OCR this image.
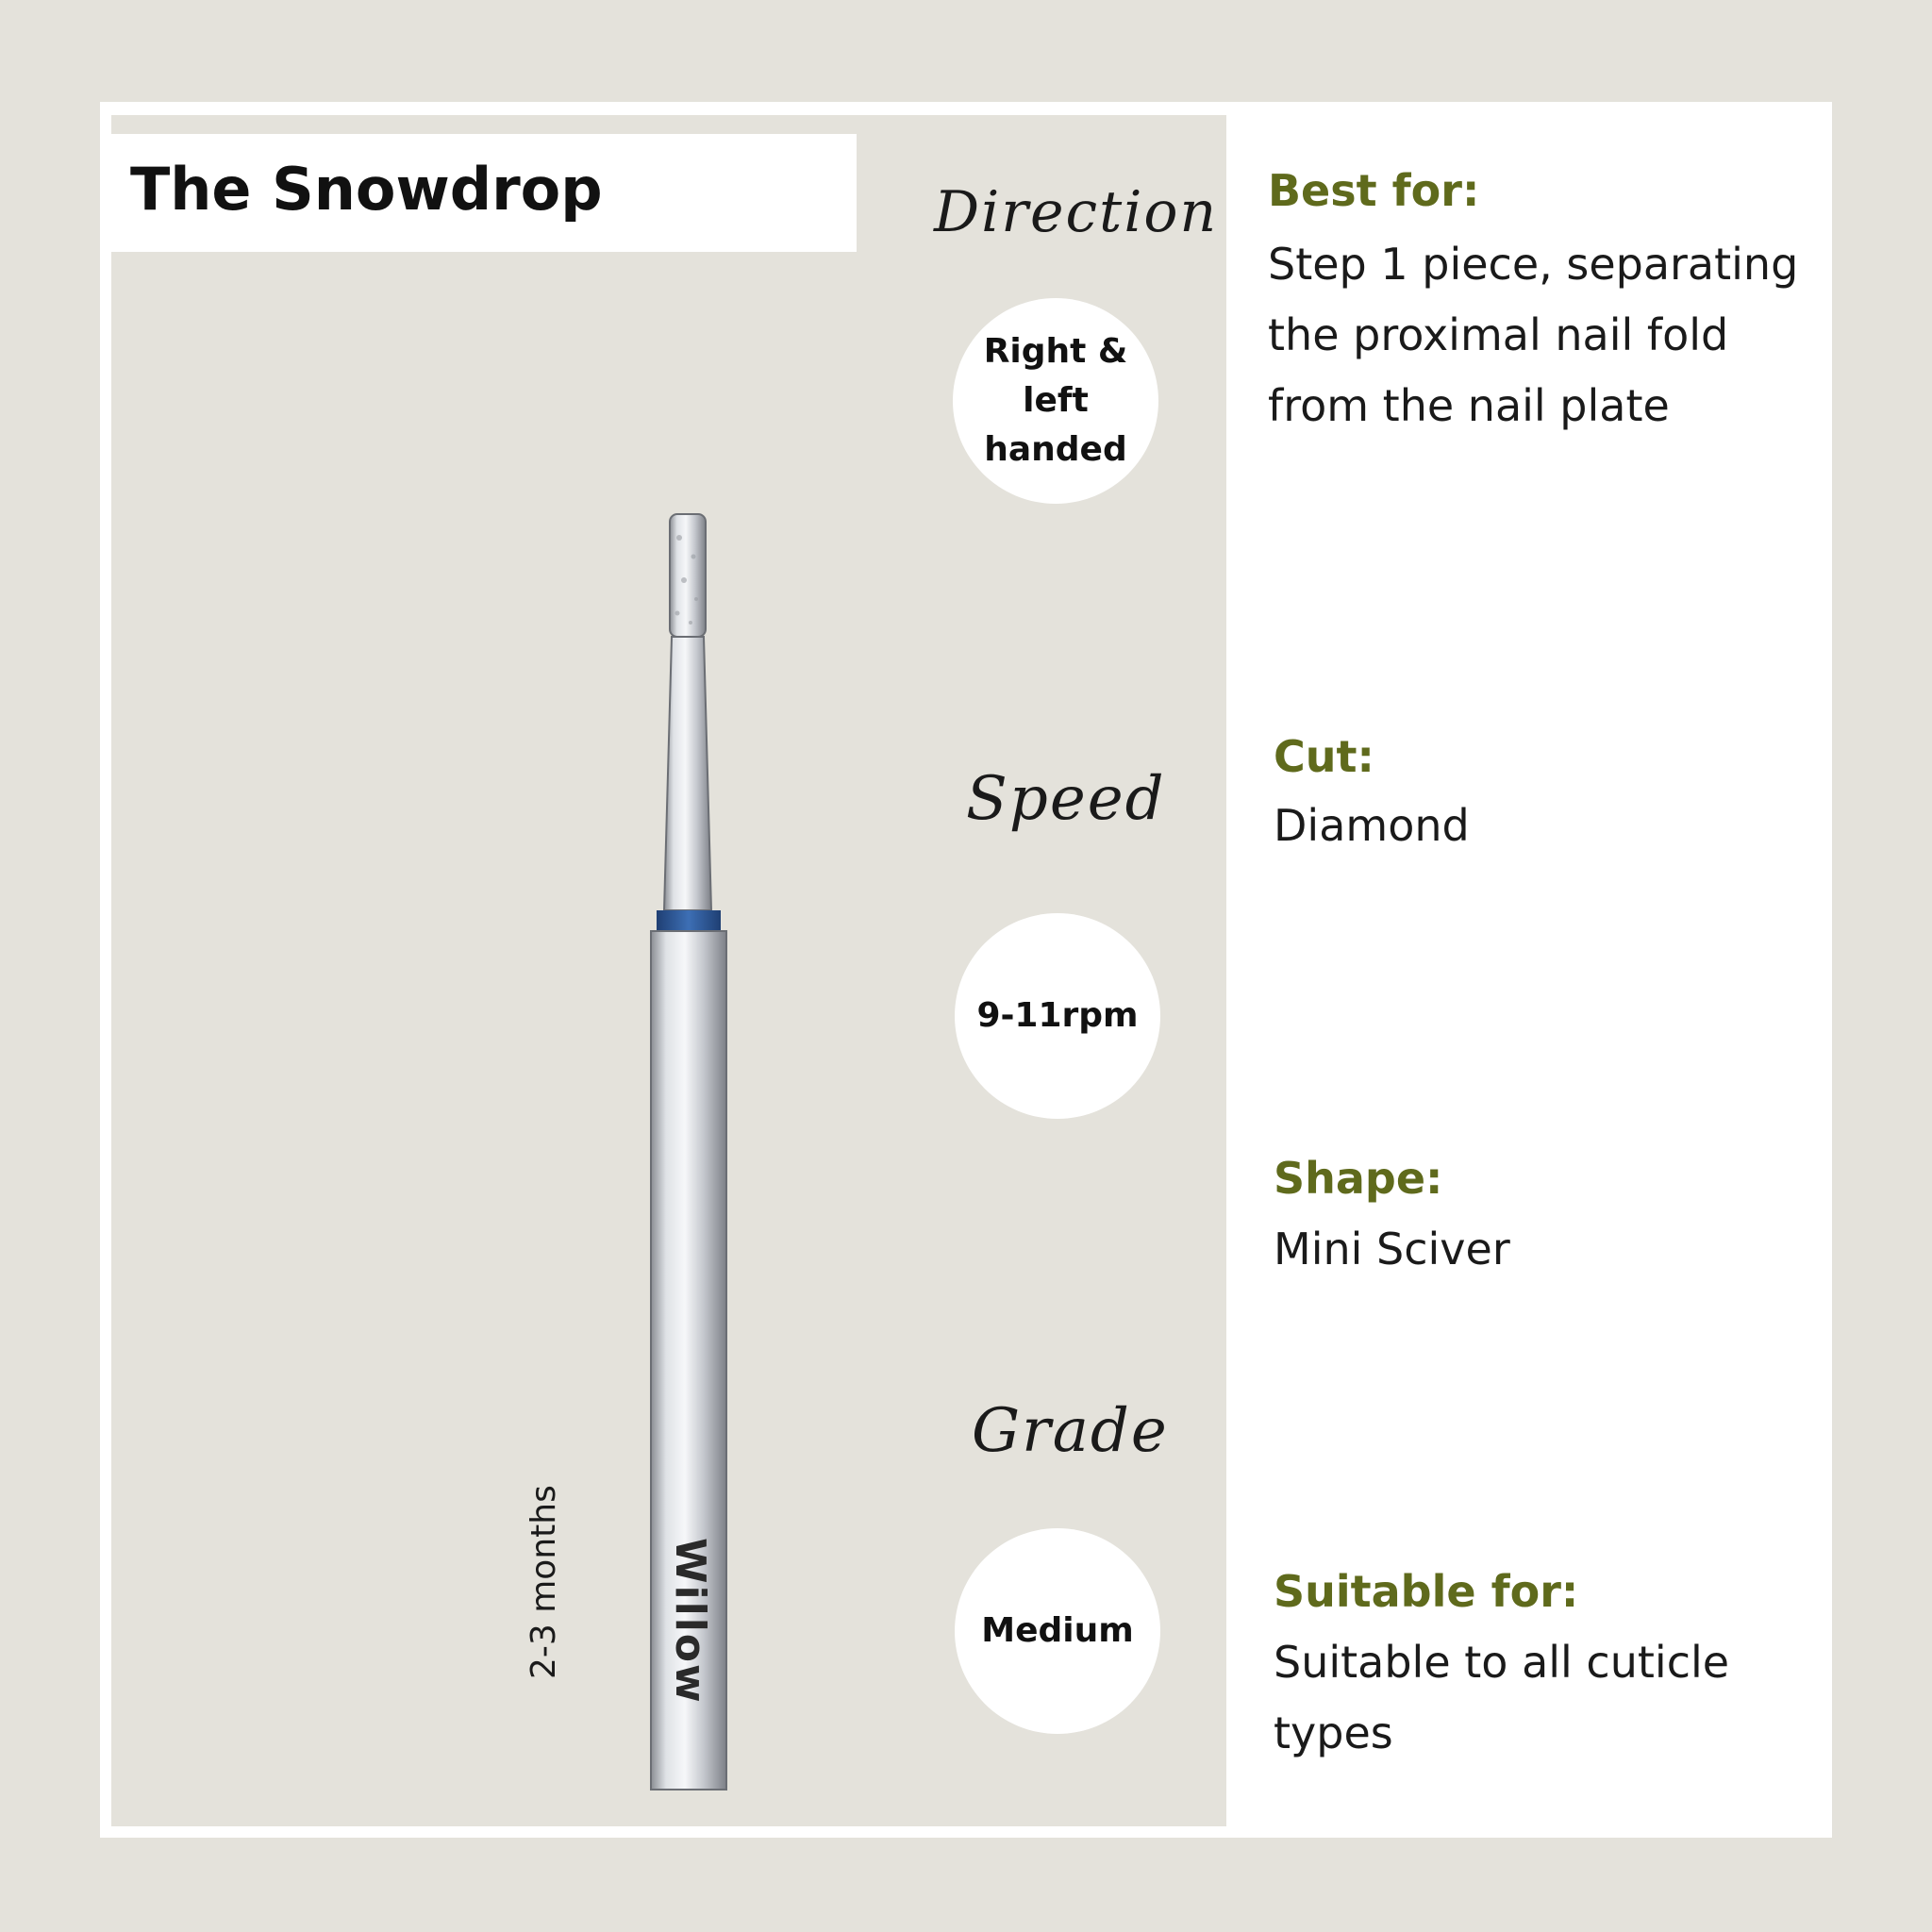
The Snowdrop
Willow
2-3 months
Direction
Right & left
handed
Speed
9-11rpm
Grade
Medium

Best for:

Step 1 piece, separating
the proximal nail fold
from the nail plate

Cut:

Diamond

Shape:

Mini Sciver

Suitable for:

Suitable to all cuticle
types
